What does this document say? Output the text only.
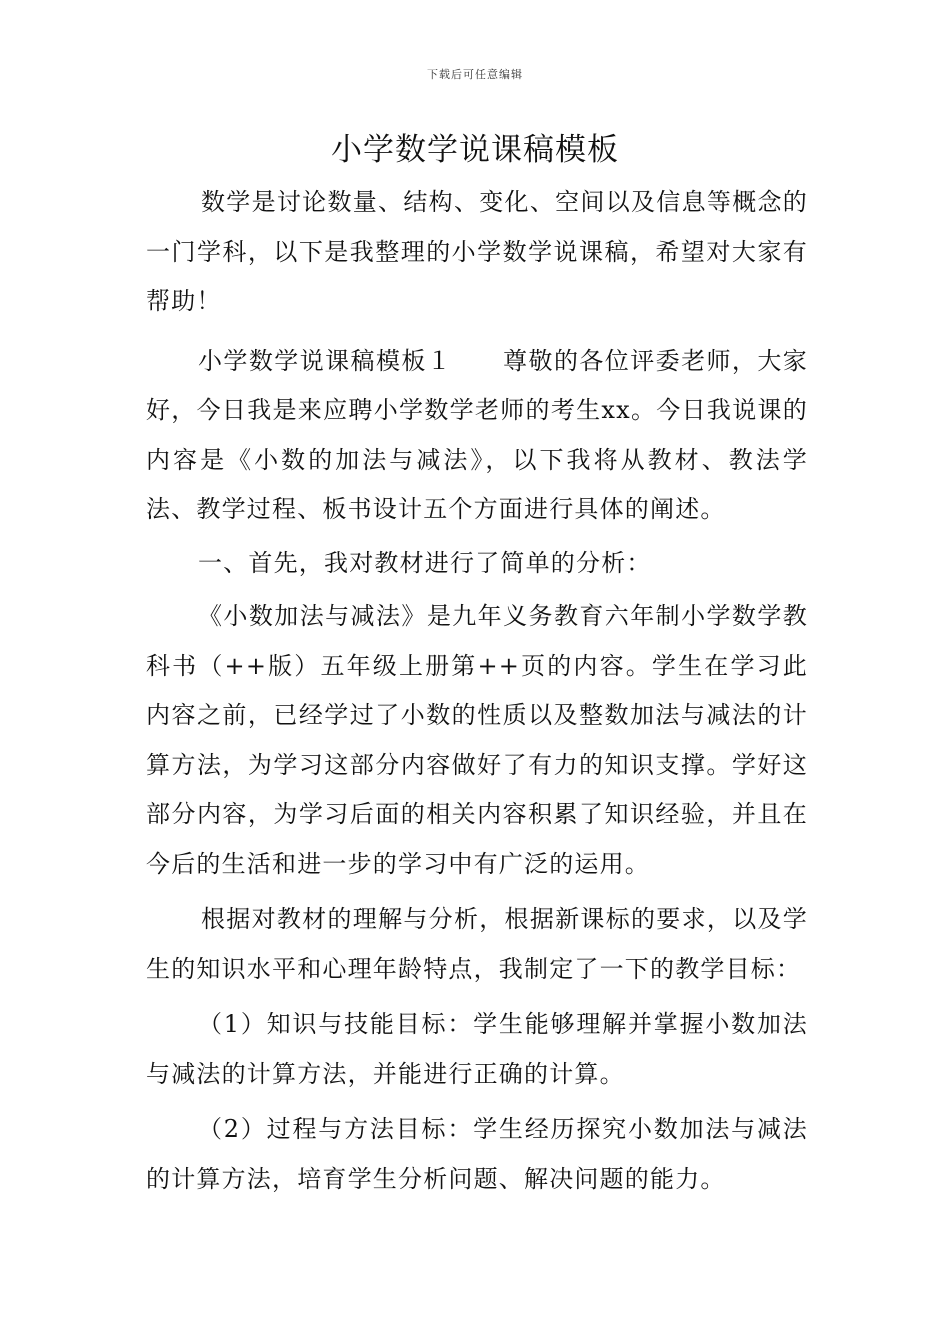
下载后可任意编辑
小学数学说课稿模板

数学是讨论数量、结构、变化、空间以及信息等概念的一门学科，以下是我整理的小学数学说课稿，希望对大家有帮助！

小学数学说课稿模板１　　尊敬的各位评委老师，大家好，今日我是来应聘小学数学老师的考生xx。今日我说课的内容是《小数的加法与减法》，以下我将从教材、教法学法、教学过程、板书设计五个方面进行具体的阐述。

一、首先，我对教材进行了简单的分析：

《小数加法与减法》是九年义务教育六年制小学数学教科书（++版）五年级上册第++页的内容。学生在学习此内容之前，已经学过了小数的性质以及整数加法与减法的计算方法，为学习这部分内容做好了有力的知识支撑。学好这部分内容，为学习后面的相关内容积累了知识经验，并且在今后的生活和进一步的学习中有广泛的运用。

根据对教材的理解与分析，根据新课标的要求，以及学生的知识水平和心理年龄特点，我制定了一下的教学目标：

（1）知识与技能目标：学生能够理解并掌握小数加法与减法的计算方法，并能进行正确的计算。

（2）过程与方法目标：学生经历探究小数加法与减法的计算方法，培育学生分析问题、解决问题的能力。
